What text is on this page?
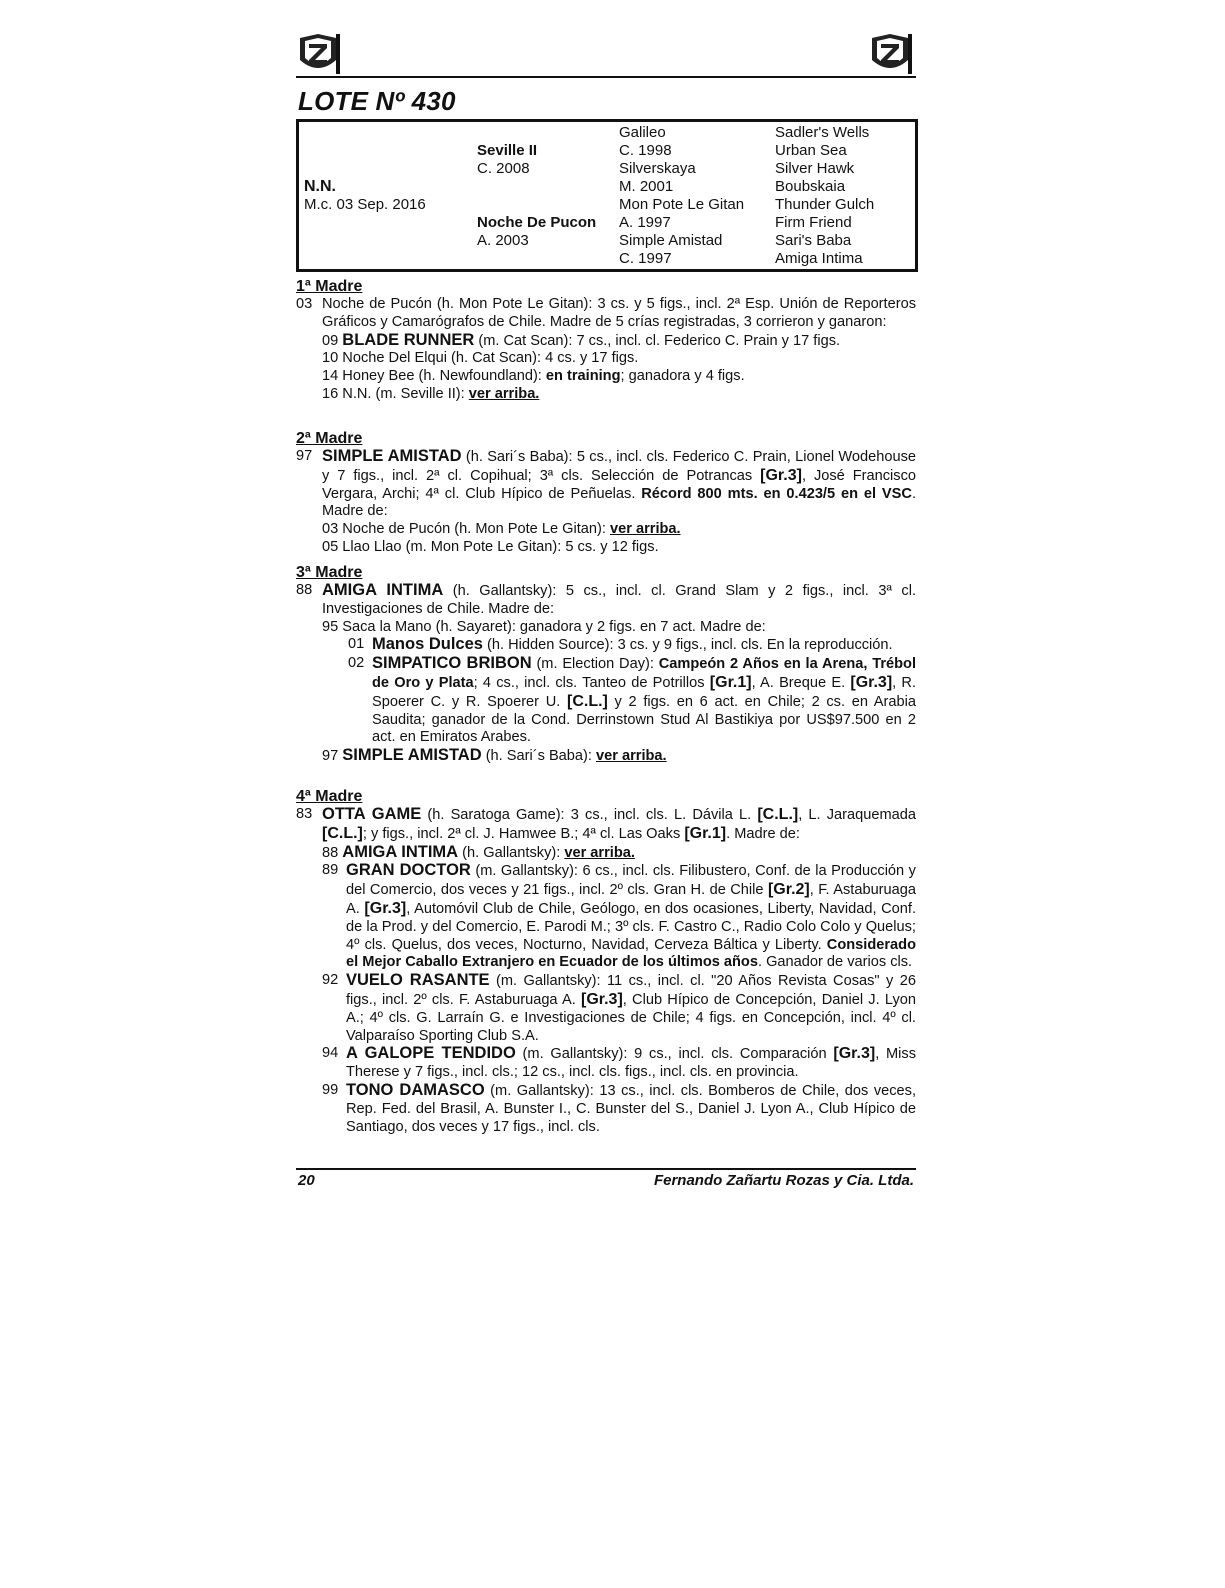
LOTE Nº 430
N.N.
M.c. 03 Sep. 2016
Seville II
C. 2008
Noche De Pucon
A. 2003
Galileo
C. 1998
Silverskaya
M. 2001
Mon Pote Le Gitan
A. 1997
Simple Amistad
C. 1997
Sadler's Wells
Urban Sea
Silver Hawk
Boubskaia
Thunder Gulch
Firm Friend
Sari's Baba
Amiga Intima
1ª Madre
03 Noche de Pucón (h. Mon Pote Le Gitan): 3 cs. y 5 figs., incl. 2ª Esp. Unión de Reporteros Gráficos y Camarógrafos de Chile. Madre de 5 crías registradas, 3 corrieron y ganaron:
09 BLADE RUNNER (m. Cat Scan): 7 cs., incl. cl. Federico C. Prain y 17 figs.
10 Noche Del Elqui (h. Cat Scan): 4 cs. y 17 figs.
14 Honey Bee (h. Newfoundland): en training; ganadora y 4 figs.
16 N.N. (m. Seville II): ver arriba.
2ª Madre
97 SIMPLE AMISTAD (h. Sari´s Baba): 5 cs., incl. cls. Federico C. Prain, Lionel Wodehouse y 7 figs., incl. 2ª cl. Copihual; 3ª cls. Selección de Potrancas [Gr.3], José Francisco Vergara, Archi; 4ª cl. Club Hípico de Peñuelas. Récord 800 mts. en 0.423/5 en el VSC. Madre de:
03 Noche de Pucón (h. Mon Pote Le Gitan): ver arriba.
05 Llao Llao (m. Mon Pote Le Gitan): 5 cs. y 12 figs.
3ª Madre
88 AMIGA INTIMA (h. Gallantsky): 5 cs., incl. cl. Grand Slam y 2 figs., incl. 3ª cl. Investigaciones de Chile. Madre de:
95 Saca la Mano (h. Sayaret): ganadora y 2 figs. en 7 act. Madre de:
01 Manos Dulces (h. Hidden Source): 3 cs. y 9 figs., incl. cls. En la reproducción.
02 SIMPATICO BRIBON (m. Election Day): Campeón 2 Años en la Arena, Trébol de Oro y Plata; 4 cs., incl. cls. Tanteo de Potrillos [Gr.1], A. Breque E. [Gr.3], R. Spoerer C. y R. Spoerer U. [C.L.] y 2 figs. en 6 act. en Chile; 2 cs. en Arabia Saudita; ganador de la Cond. Derrinstown Stud Al Bastikiya por US$97.500 en 2 act. en Emiratos Arabes.
97 SIMPLE AMISTAD (h. Sari´s Baba): ver arriba.
4ª Madre
83 OTTA GAME (h. Saratoga Game): 3 cs., incl. cls. L. Dávila L. [C.L.], L. Jaraquemada [C.L.]; y figs., incl. 2ª cl. J. Hamwee B.; 4ª cl. Las Oaks [Gr.1]. Madre de:
88 AMIGA INTIMA (h. Gallantsky): ver arriba.
89 GRAN DOCTOR (m. Gallantsky): 6 cs., incl. cls. Filibustero, Conf. de la Producción y del Comercio, dos veces y 21 figs., incl. 2º cls. Gran H. de Chile [Gr.2], F. Astaburuaga A. [Gr.3], Automóvil Club de Chile, Geólogo, en dos ocasiones, Liberty, Navidad, Conf. de la Prod. y del Comercio, E. Parodi M.; 3º cls. F. Castro C., Radio Colo Colo y Quelus; 4º cls. Quelus, dos veces, Nocturno, Navidad, Cerveza Báltica y Liberty. Considerado el Mejor Caballo Extranjero en Ecuador de los últimos años. Ganador de varios cls.
92 VUELO RASANTE (m. Gallantsky): 11 cs., incl. cl. "20 Años Revista Cosas" y 26 figs., incl. 2º cls. F. Astaburuaga A. [Gr.3], Club Hípico de Concepción, Daniel J. Lyon A.; 4º cls. G. Larraín G. e Investigaciones de Chile; 4 figs. en Concepción, incl. 4º cl. Valparaíso Sporting Club S.A.
94 A GALOPE TENDIDO (m. Gallantsky): 9 cs., incl. cls. Comparación [Gr.3], Miss Therese y 7 figs., incl. cls.; 12 cs., incl. cls. figs., incl. cls. en provincia.
99 TONO DAMASCO (m. Gallantsky): 13 cs., incl. cls. Bomberos de Chile, dos veces, Rep. Fed. del Brasil, A. Bunster I., C. Bunster del S., Daniel J. Lyon A., Club Hípico de Santiago, dos veces y 17 figs., incl. cls.
20	Fernando Zañartu Rozas y Cia. Ltda.
